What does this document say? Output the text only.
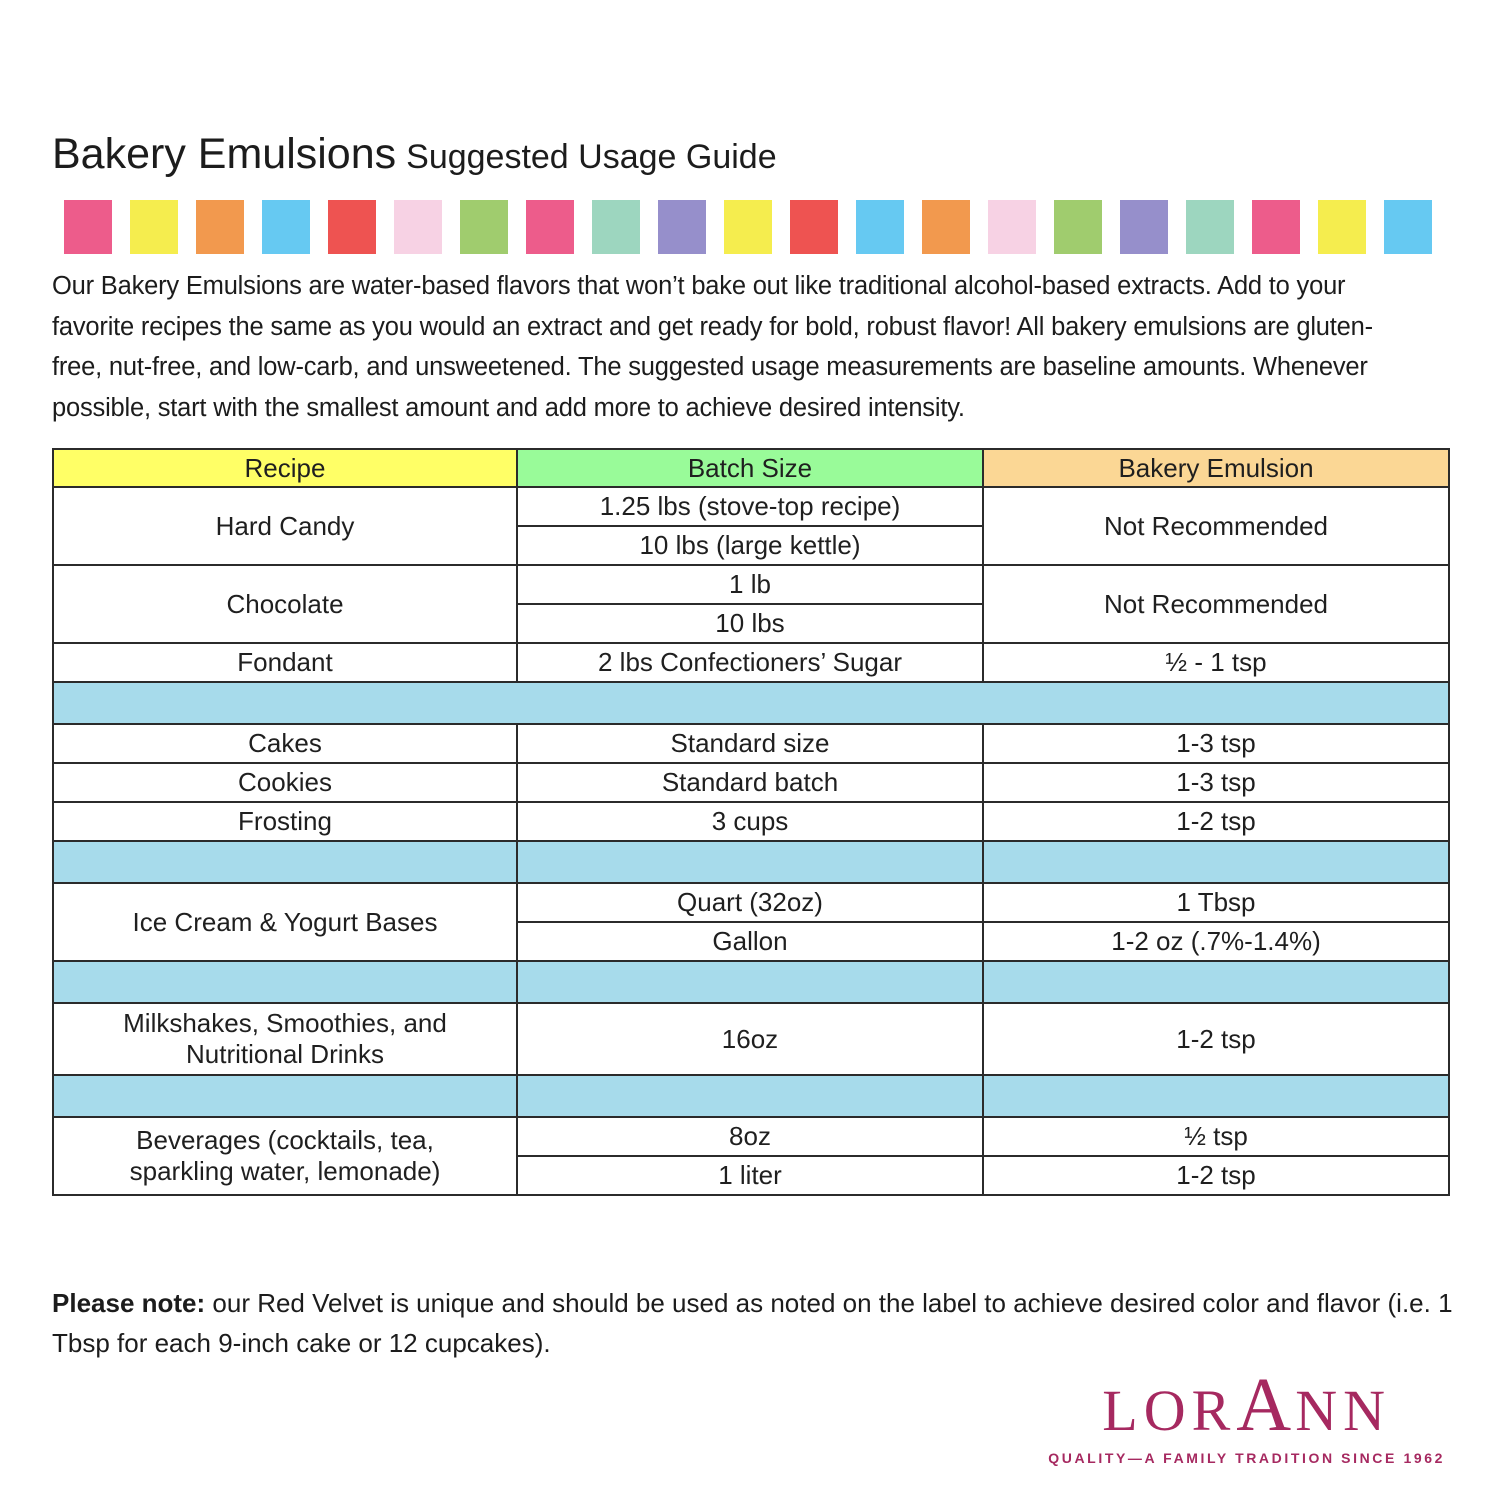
Bakery Emulsions Suggested Usage Guide
Our Bakery Emulsions are water-based flavors that won’t bake out like traditional alcohol-based extracts. Add to your
favorite recipes the same as you would an extract and get ready for bold, robust flavor! All bakery emulsions are gluten-
free, nut-free, and low-carb, and unsweetened. The suggested usage measurements are baseline amounts. Whenever
possible, start with the smallest amount and add more to achieve desired intensity.
Recipe	Batch Size	Bakery Emulsion
Hard Candy	1.25 lbs (stove-top recipe)	Not Recommended
	10 lbs (large kettle)	
Chocolate	1 lb	Not Recommended
	10 lbs	
Fondant	2 lbs Confectioners’ Sugar	½ - 1 tsp

Cakes	Standard size	1-3 tsp
Cookies	Standard batch	1-3 tsp
Frosting	3 cups	1-2 tsp

Ice Cream & Yogurt Bases	Quart (32oz)	1 Tbsp
	Gallon	1-2 oz (.7%-1.4%)

Milkshakes, Smoothies, and Nutritional Drinks	16oz	1-2 tsp

Beverages (cocktails, tea, sparkling water, lemonade)	8oz	½ tsp
	1 liter	1-2 tsp

Please note: our Red Velvet is unique and should be used as noted on the label to achieve desired color and flavor (i.e. 1
Tbsp for each 9-inch cake or 12 cupcakes).

LORANN
QUALITY—A FAMILY TRADITION SINCE 1962
